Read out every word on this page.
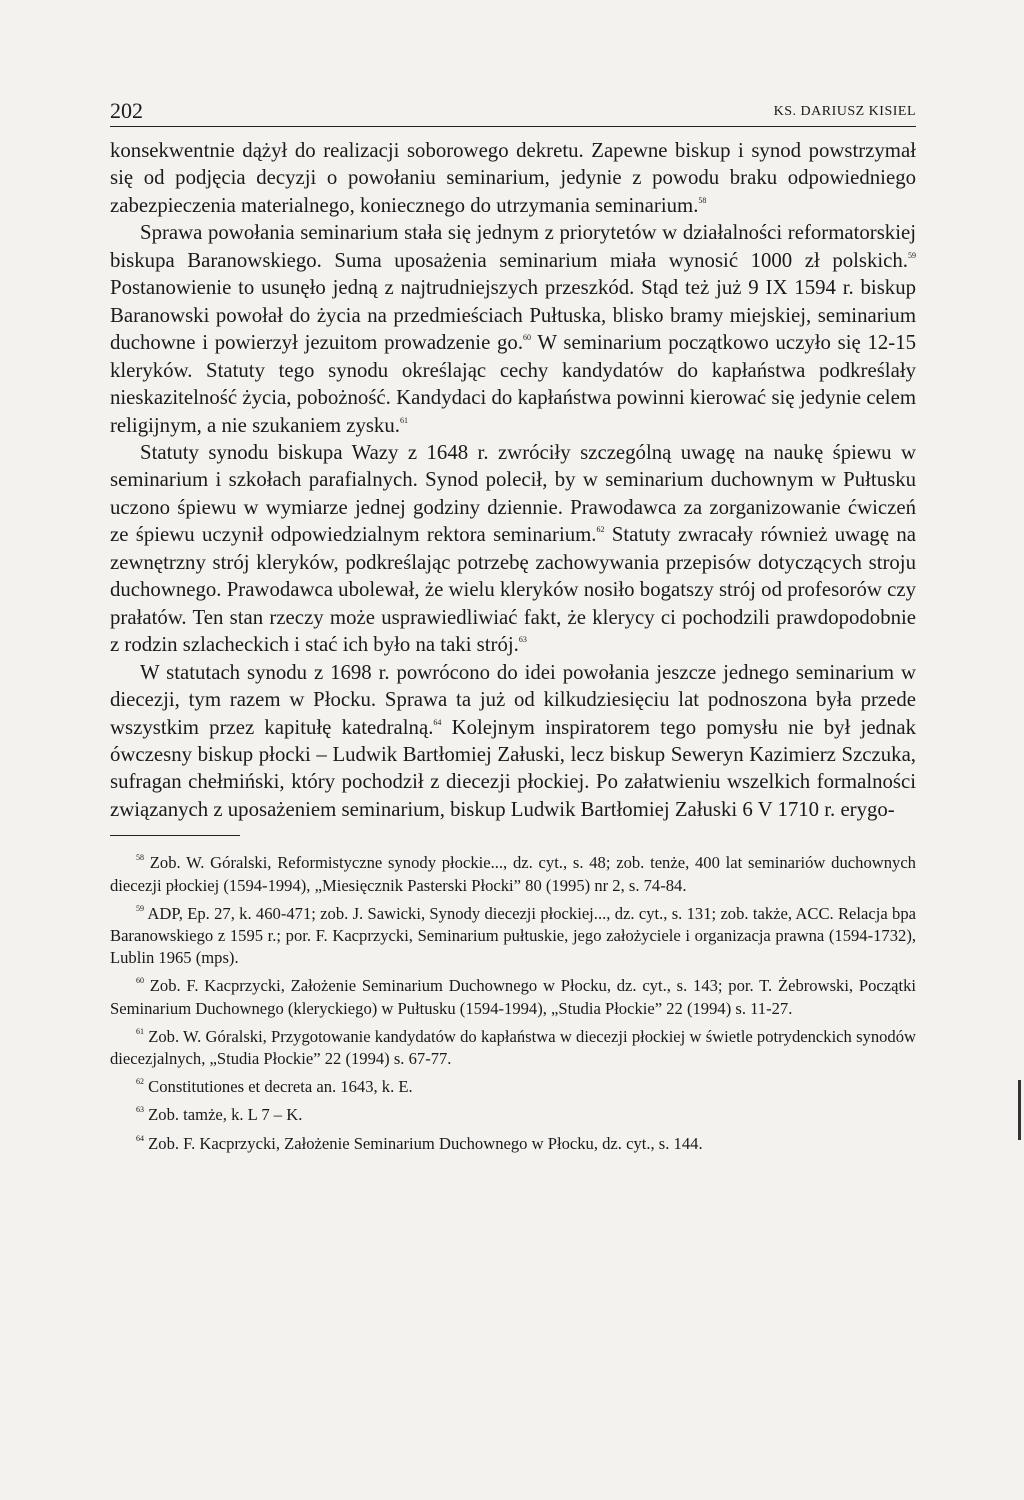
202	KS. DARIUSZ KISIEL

konsekwentnie dążył do realizacji soborowego dekretu. Zapewne biskup i synod powstrzymał się od podjęcia decyzji o powołaniu seminarium, jedynie z powodu braku odpowiedniego zabezpieczenia materialnego, koniecznego do utrzymania seminarium.$^{58}$

Sprawa powołania seminarium stała się jednym z priorytetów w działalności reformatorskiej biskupa Baranowskiego. Suma uposażenia seminarium miała wynosić 1000 zł polskich.$^{59}$ Postanowienie to usunęło jedną z najtrudniejszych przeszkód. Stąd też już 9 IX 1594 r. biskup Baranowski powołał do życia na przedmieściach Pułtuska, blisko bramy miejskiej, seminarium duchowne i powierzył jezuitom prowadzenie go.$^{60}$ W seminarium początkowo uczyło się 12-15 kleryków. Statuty tego synodu określając cechy kandydatów do kapłaństwa podkreślały nieskazitelność życia, pobożność. Kandydaci do kapłaństwa powinni kierować się jedynie celem religijnym, a nie szukaniem zysku.$^{61}$

Statuty synodu biskupa Wazy z 1648 r. zwróciły szczególną uwagę na naukę śpiewu w seminarium i szkołach parafialnych. Synod polecił, by w seminarium duchownym w Pułtusku uczono śpiewu w wymiarze jednej godziny dziennie. Prawodawca za zorganizowanie ćwiczeń ze śpiewu uczynił odpowiedzialnym rektora seminarium.$^{62}$ Statuty zwracały również uwagę na zewnętrzny strój kleryków, podkreślając potrzebę zachowywania przepisów dotyczących stroju duchownego. Prawodawca ubolewał, że wielu kleryków nosiło bogatszy strój od profesorów czy prałatów. Ten stan rzeczy może usprawiedliwiać fakt, że klerycy ci pochodzili prawdopodobnie z rodzin szlacheckich i stać ich było na taki strój.$^{63}$

W statutach synodu z 1698 r. powrócono do idei powołania jeszcze jednego seminarium w diecezji, tym razem w Płocku. Sprawa ta już od kilkudziesięciu lat podnoszona była przede wszystkim przez kapitułę katedralną.$^{64}$ Kolejnym inspiratorem tego pomysłu nie był jednak ówczesny biskup płocki – Ludwik Bartłomiej Załuski, lecz biskup Seweryn Kazimierz Szczuka, sufragan chełmiński, który pochodził z diecezji płockiej. Po załatwieniu wszelkich formalności związanych z uposażeniem seminarium, biskup Ludwik Bartłomiej Załuski 6 V 1710 r. erygo-

$^{58}$ Zob. W. Góralski, Reformistyczne synody płockie..., dz. cyt., s. 48; zob. tenże, 400 lat seminariów duchownych diecezji płockiej (1594-1994), „Miesięcznik Pasterski Płocki” 80 (1995) nr 2, s. 74-84.

$^{59}$ ADP, Ep. 27, k. 460-471; zob. J. Sawicki, Synody diecezji płockiej..., dz. cyt., s. 131; zob. także, ACC. Relacja bpa Baranowskiego z 1595 r.; por. F. Kacprzycki, Seminarium pułtuskie, jego założyciele i organizacja prawna (1594-1732), Lublin 1965 (mps).

$^{60}$ Zob. F. Kacprzycki, Założenie Seminarium Duchownego w Płocku, dz. cyt., s. 143; por. T. Żebrowski, Początki Seminarium Duchownego (kleryckiego) w Pułtusku (1594-1994), „Studia Płockie” 22 (1994) s. 11-27.

$^{61}$ Zob. W. Góralski, Przygotowanie kandydatów do kapłaństwa w diecezji płockiej w świetle potrydenckich synodów diecezjalnych, „Studia Płockie” 22 (1994) s. 67-77.

$^{62}$ Constitutiones et decreta an. 1643, k. E.

$^{63}$ Zob. tamże, k. L 7 – K.

$^{64}$ Zob. F. Kacprzycki, Założenie Seminarium Duchownego w Płocku, dz. cyt., s. 144.
